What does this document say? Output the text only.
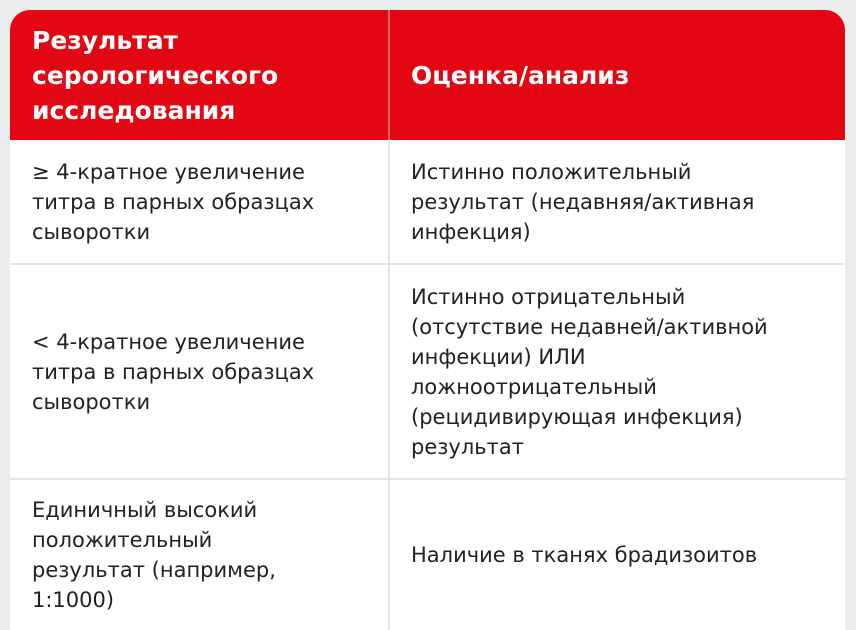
Результат
серологического
исследования
Оценка/анализ
≥ 4-кратное увеличение
титра в парных образцах
сыворотки
Истинно положительный
результат (недавняя/активная
инфекция)
< 4-кратное увеличение
титра в парных образцах
сыворотки
Истинно отрицательный
(отсутствие недавней/активной
инфекции) ИЛИ
ложноотрицательный
(рецидивирующая инфекция)
результат
Единичный высокий
положительный
результат (например,
1:1000)
Наличие в тканях брадизоитов
